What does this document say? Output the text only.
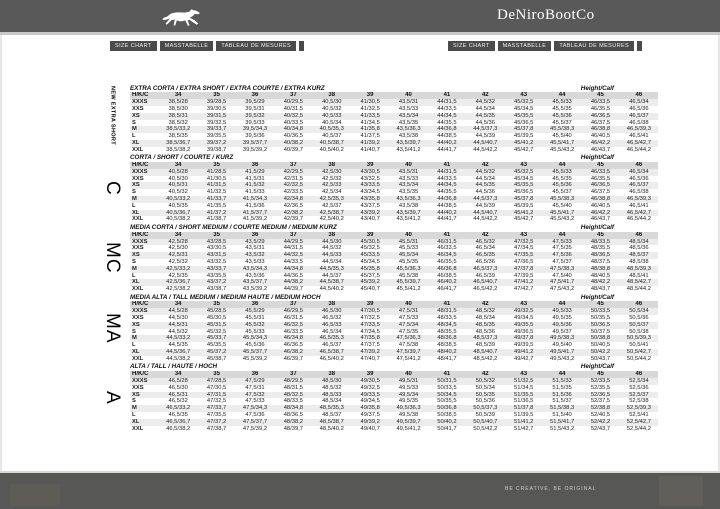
DeNiroBootCo
SIZE CHART	MASSTABELLE	TABLEAU DE MESURES	SIZE CHART	MASSTABELLE	TABLEAU DE MESURES
NEW EXTRA SHORT	EXTRA CORTA / EXTRA SHORT / EXTRA COURTE / EXTRA KURZ	Height/Calf
H/K/C	34	35	36	37	38	39	40	41	42	43	44	45	46
XXXS	38,5/28	39/28,5	39,5/29	40/29,5	40,5/30	41/30,5	43,5/31	44/31,5	44,5/32	45/32,5	45,5/33	46/33,5	46,5/34
XXS	38,5/30	39/30,5	39,5/31	40/31,5	40,5/32	41/32,5	43,5/33	44/33,5	44,5/34	45/34,5	45,5/35	46/35,5	46,5/36
XS	38,5/31	39/31,5	39,5/32	40/32,5	40,5/33	41/33,5	43,5/34	44/34,5	44,5/35	45/35,5	45,5/36	46/36,5	46,5/37
S	38,5/32	39/32,5	39,5/33	40/33,5	40,5/34	41/34,5	43,5/35	44/35,5	44,5/36	45/36,5	45,5/37	46/37,5	46,5/38
M	38,5/33,2	39/33,7	39,5/34,3	40/34,8	40,5/35,3	41/35,8	43,5/36,3	44/36,8	44,5/37,3	45/37,8	45,5/38,3	46/38,8	46,5/39,3
L	38,5/35	39/35,5	39,5/36	40/36,5	40,5/37	41/37,5	43,5/38	44/38,5	44,5/39	45/39,5	45,5/40	46/40,5	46,5/41
XL	38,5/36,7	39/37,2	39,5/37,7	40/38,2	40,5/38,7	41/39,2	43,5/39,7	44/40,2	44,5/40,7	45/41,2	45,5/41,7	46/42,2	46,5/42,7
XXL	38,5/38,2	39/38,7	39,5/39,2	40/39,7	40,5/40,2	41/40,7	43,5/41,2	44/41,7	44,5/42,2	45/42,7	45,5/43,2	46/43,7	46,5/44,2
C
CORTA / SHORT / COURTE / KURZ	Height/Calf
H/K/C	34	35	36	37	38	39	40	41	42	43	44	45	46
XXXS	40,5/28	41/28,5	41,5/29	42/29,5	42,5/30	43/30,5	43,5/31	44/31,5	44,5/32	45/32,5	45,5/33	46/33,5	46,5/34
XXS	40,5/30	41/30,5	41,5/31	42/31,5	42,5/32	43/32,5	43,5/33	44/33,5	44,5/34	45/34,5	45,5/35	46/35,5	46,5/36
XS	40,5/31	41/31,5	41,5/32	42/32,5	42,5/33	43/33,5	43,5/34	44/34,5	44,5/35	45/35,5	45,5/36	46/36,5	46,5/37
S	40,5/32	41/32,5	41,5/33	42/33,5	42,5/34	43/34,5	43,5/35	44/35,5	44,5/36	45/36,5	45,5/37	46/37,5	46,5/38
M	40,5/33,2	41/33,7	41,5/34,3	42/34,8	42,5/35,3	43/35,8	43,5/36,3	44/36,8	44,5/37,3	45/37,8	45,5/38,3	46/38,8	46,5/39,3
L	40,5/35	41/35,5	41,5/36	42/36,5	42,5/37	43/37,5	43,5/38	44/38,5	44,5/39	45/39,5	45,5/40	46/40,5	46,5/41
XL	40,5/36,7	41/37,2	41,5/37,7	42/38,2	42,5/38,7	43/39,2	43,5/39,7	44/40,2	44,5/40,7	45/41,2	45,5/41,7	46/42,2	46,5/42,7
XXL	40,5/38,2	41/38,7	41,5/39,2	42/39,7	42,5/40,2	43/40,7	43,5/41,2	44/41,7	44,5/42,2	45/42,7	45,5/43,2	46/43,7	46,5/44,2
MC
MEDIA CORTA / SHORT MEDIUM / COURTE MEDIUM / MEDIUM KURZ	Height/Calf
H/K/C	34	35	36	37	38	39	40	41	42	43	44	45	46
XXXS	42,5/28	43/28,5	43,5/29	44/29,5	44,5/30	45/30,5	45,5/31	46/31,5	46,5/32	47/32,5	47,5/33	48/33,5	48,5/34
XXS	42,5/30	43/30,5	43,5/31	44/31,5	44,5/32	45/32,5	45,5/33	46/33,5	46,5/34	47/34,5	47,5/35	48/35,5	48,5/36
XS	42,5/31	43/31,5	43,5/32	44/32,5	44,5/33	45/33,5	45,5/34	46/34,5	46,5/35	47/35,5	47,5/36	48/36,5	48,5/37
S	42,5/32	43/32,5	43,5/33	44/33,5	44,5/34	45/34,5	45,5/35	46/35,5	46,5/36	47/36,5	47,5/37	48/37,5	48,5/38
M	42,5/33,2	43/33,7	43,5/34,3	44/34,8	44,5/35,3	45/35,8	45,5/36,3	46/36,8	46,5/37,3	47/37,8	47,5/38,3	48/38,8	48,5/39,3
L	42,5/35	43/35,5	43,5/36	44/36,5	44,5/37	45/37,5	45,5/38	46/38,5	46,5/39	47/39,5	47,5/40	48/40,5	48,5/41
XL	42,5/36,7	43/37,2	43,5/37,7	44/38,2	44,5/38,7	45/39,2	45,5/39,7	46/40,2	46,5/40,7	47/41,2	47,5/41,7	48/42,2	48,5/42,7
XXL	42,5/38,2	43/38,7	43,5/39,2	44/39,7	44,5/40,2	45/40,7	45,5/41,2	46/41,7	46,5/42,2	47/42,7	47,5/43,2	48/43,7	48,5/44,2
MA
MEDIA ALTA / TALL MEDIUM / MEDIUM HAUTE / MEDIUM HOCH	Height/Calf
H/K/C	34	35	36	37	38	39	40	41	42	43	44	45	46
XXXS	44,5/28	45/28,5	45,5/29	46/29,5	46,5/30	47/30,5	47,5/31	48/31,5	48,5/32	49/32,5	49,5/33	50/33,5	50,5/34
XXS	44,5/30	45/30,5	45,5/31	46/31,5	46,5/32	47/32,5	47,5/33	48/33,5	48,5/34	49/34,5	49,5/35	50/35,5	50,5/36
XS	44,5/31	45/31,5	45,5/32	46/32,5	46,5/33	47/33,5	47,5/34	48/34,5	48,5/35	49/35,5	49,5/36	50/36,5	50,5/37
S	44,5/32	45/32,5	45,5/33	46/33,5	46,5/34	47/34,5	47,5/35	48/35,5	48,5/36	49/36,5	49,5/37	50/37,5	50,5/38
M	44,5/33,2	45/33,7	45,5/34,3	46/34,8	46,5/35,3	47/35,8	47,5/36,3	48/36,8	48,5/37,3	49/37,8	49,5/38,3	50/38,8	50,5/39,3
L	44,5/35	45/35,5	45,5/36	46/36,5	46,5/37	47/37,5	47,5/38	48/38,5	48,5/39	49/39,5	49,5/40	50/40,5	50,5/41
XL	44,5/36,7	45/37,2	45,5/37,7	46/38,2	46,5/38,7	47/39,2	47,5/39,7	48/40,2	48,5/40,7	49/41,2	49,5/41,7	50/42,2	50,5/42,7
XXL	44,5/38,2	45/38,7	45,5/39,2	46/39,7	46,5/40,2	47/40,7	47,5/41,2	48/41,7	48,5/42,2	49/42,7	49,5/43,2	50/43,7	50,5/44,2
A
ALTA / TALL / HAUTE / HOCH	Height/Calf
H/K/C	34	35	36	37	38	39	40	41	42	43	44	45	46
XXXS	46,5/28	47/28,5	47,5/29	48/29,5	48,5/30	49/30,5	49,5/31	50/31,5	50,5/32	51/32,5	51,5/33	52/33,5	52,5/34
XXS	46,5/30	47/30,5	47,5/31	48/31,5	48,5/32	49/32,5	49,5/33	50/33,5	50,5/34	51/34,5	51,5/35	52/35,5	52,5/36
XS	46,5/31	47/31,5	47,5/32	48/32,5	48,5/33	49/33,5	49,5/34	50/34,5	50,5/35	51/35,5	51,5/36	52/36,5	52,5/37
S	46,5/32	47/32,5	47,5/33	48/33,5	48,5/34	49/34,5	49,5/35	50/35,5	50,5/36	51/36,5	51,5/37	52/37,5	52,5/38
M	46,5/33,2	47/33,7	47,5/34,3	48/34,8	48,5/35,3	49/35,8	49,5/36,3	50/36,8	50,5/37,3	51/37,8	51,5/38,3	52/38,8	52,5/39,3
L	46,5/35	47/35,5	47,5/36	48/36,5	48,5/37	49/37,5	49,5/38	50/38,5	50,5/39	51/39,5	51,5/40	52/40,5	52,5/41
XL	46,5/36,7	47/37,2	47,5/37,7	48/38,2	48,5/38,7	49/39,2	49,5/39,7	50/40,2	50,5/40,7	51/41,2	51,5/41,7	52/42,2	52,5/42,7
XXL	46,5/38,2	47/38,7	47,5/39,2	48/39,7	48,5/40,2	49/40,7	49,5/41,2	50/41,7	50,5/42,2	51/42,7	51,5/43,2	52/43,7	52,5/44,2
BE CREATIVE, BE ORIGINAL
